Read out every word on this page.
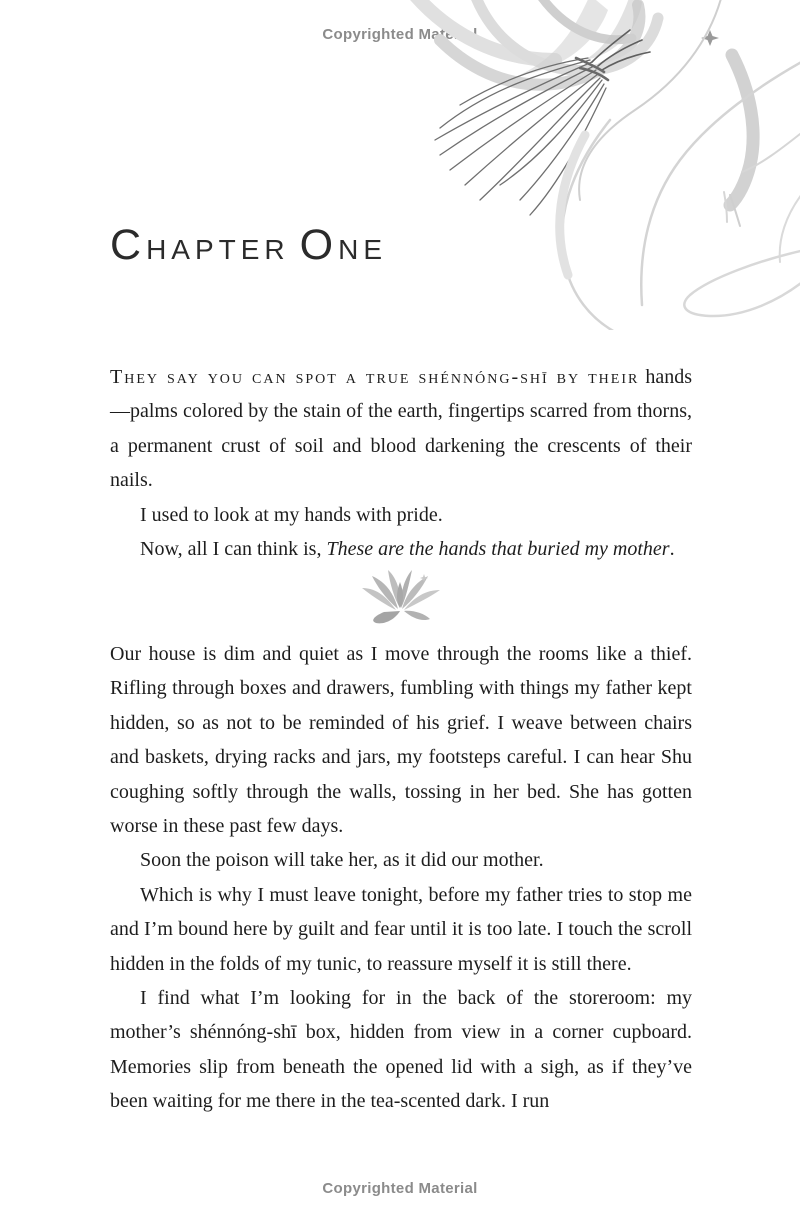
Copyrighted Material
CHAPTER ONE

They say you can spot a true shénnóng-shī by their hands—palms colored by the stain of the earth, fingertips scarred from thorns, a permanent crust of soil and blood darkening the crescents of their nails.

I used to look at my hands with pride.

Now, all I can think is, These are the hands that buried my mother.

Our house is dim and quiet as I move through the rooms like a thief. Rifling through boxes and drawers, fumbling with things my father kept hidden, so as not to be reminded of his grief. I weave between chairs and baskets, drying racks and jars, my footsteps careful. I can hear Shu coughing softly through the walls, tossing in her bed. She has gotten worse in these past few days.

Soon the poison will take her, as it did our mother.

Which is why I must leave tonight, before my father tries to stop me and I’m bound here by guilt and fear until it is too late. I touch the scroll hidden in the folds of my tunic, to reassure myself it is still there.

I find what I’m looking for in the back of the storeroom: my mother’s shénnóng-shī box, hidden from view in a corner cupboard. Memories slip from beneath the opened lid with a sigh, as if they’ve been waiting for me there in the tea-scented dark. I run

Copyrighted Material
